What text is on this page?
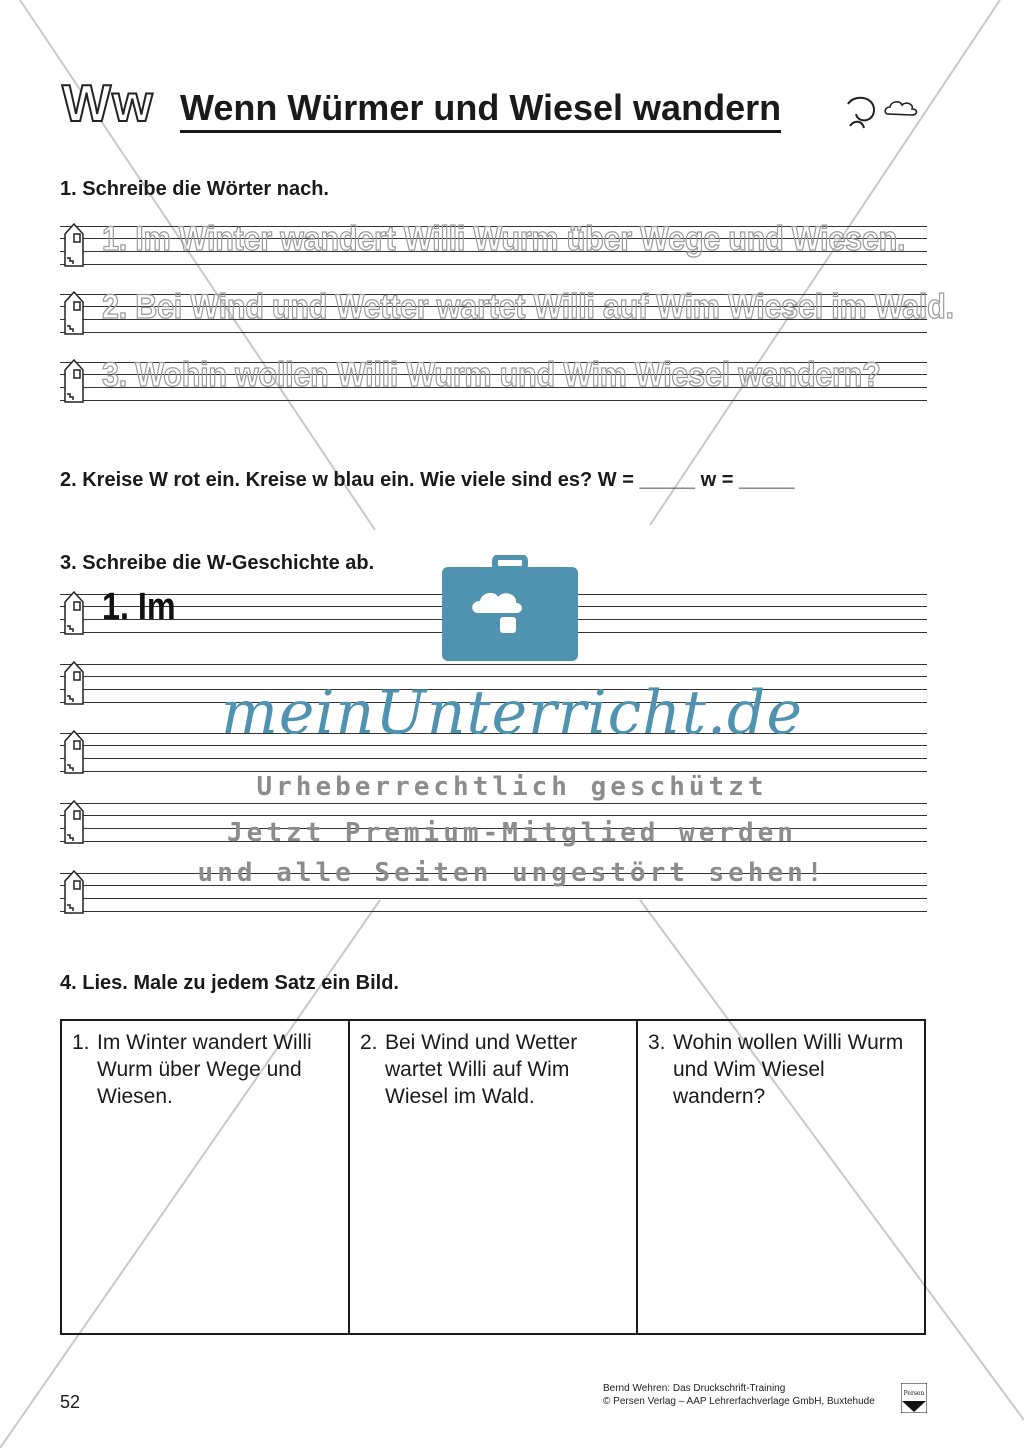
Ww Wenn Würmer und Wiesel wandern
1. Schreibe die Wörter nach.
1. Im Winter wandert Willi Wurm über Wege und Wiesen.
2. Bei Wind und Wetter wartet Willi auf Wim Wiesel im Wald.
3. Wohin wollen Willi Wurm und Wim Wiesel wandern?
2. Kreise W rot ein. Kreise w blau ein. Wie viele sind es? W = _____ w = _____
3. Schreibe die W-Geschichte ab.
1. Im
4. Lies. Male zu jedem Satz ein Bild.
1. Im Winter wandert Willi Wurm über Wege und Wiesen.
2. Bei Wind und Wetter wartet Willi auf Wim Wiesel im Wald.
3. Wohin wollen Willi Wurm und Wim Wiesel wandern?
52
Bernd Wehren: Das Druckschrift-Training
© Persen Verlag – AAP Lehrerfachverlage GmbH, Buxtehude
Persen
meinUnterricht.de
Urheberrechtlich geschützt
Jetzt Premium-Mitglied werden
und alle Seiten ungestört sehen!
